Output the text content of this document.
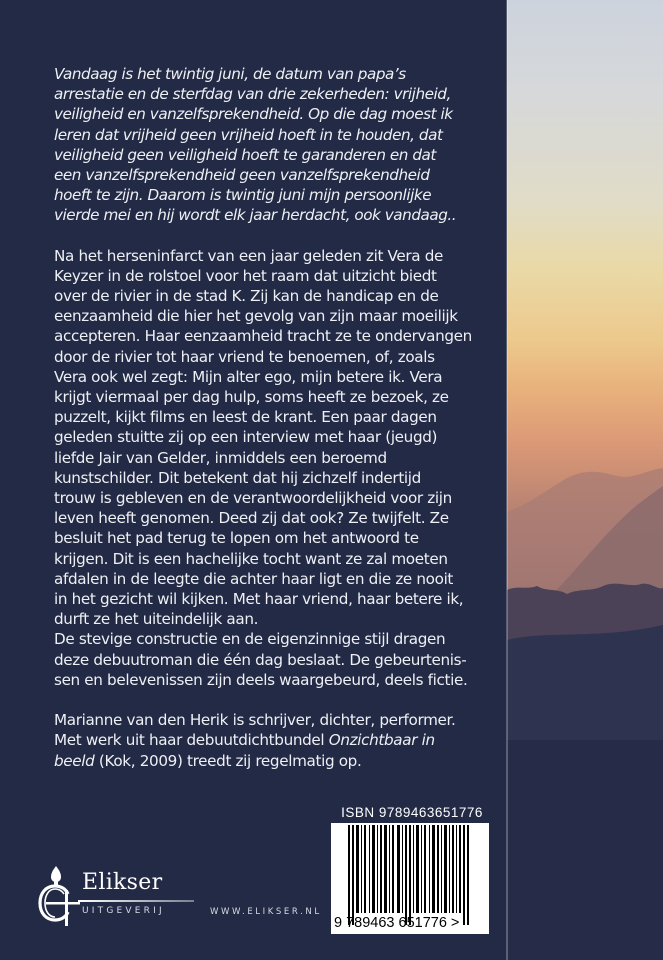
Vandaag is het twintig juni, de datum van papa’s

arrestatie en de sterfdag van drie zekerheden: vrijheid,

veiligheid en vanzelfsprekendheid. Op die dag moest ik

leren dat vrijheid geen vrijheid hoeft in te houden, dat

veiligheid geen veiligheid hoeft te garanderen en dat

een vanzelfsprekendheid geen vanzelfsprekendheid

hoeft te zijn. Daarom is twintig juni mijn persoonlijke

vierde mei en hij wordt elk jaar herdacht, ook vandaag..

Na het herseninfarct van een jaar geleden zit Vera de

Keyzer in de rolstoel voor het raam dat uitzicht biedt

over de rivier in de stad K. Zij kan de handicap en de

eenzaamheid die hier het gevolg van zijn maar moeilijk

accepteren. Haar eenzaamheid tracht ze te ondervangen

door de rivier tot haar vriend te benoemen, of, zoals

Vera ook wel zegt: Mijn alter ego, mijn betere ik. Vera

krijgt viermaal per dag hulp, soms heeft ze bezoek, ze

puzzelt, kijkt films en leest de krant. Een paar dagen

geleden stuitte zij op een interview met haar (jeugd)

liefde Jair van Gelder, inmiddels een beroemd

kunstschilder. Dit betekent dat hij zichzelf indertijd

trouw is gebleven en de verantwoordelijkheid voor zijn

leven heeft genomen. Deed zij dat ook? Ze twijfelt. Ze

besluit het pad terug te lopen om het antwoord te

krijgen. Dit is een hachelijke tocht want ze zal moeten

afdalen in de leegte die achter haar ligt en die ze nooit

in het gezicht wil kijken. Met haar vriend, haar betere ik,

durft ze het uiteindelijk aan.

De stevige constructie en de eigenzinnige stijl dragen

deze debuutroman die één dag beslaat. De gebeurtenis-

sen en belevenissen zijn deels waargebeurd, deels fictie.

Marianne van den Herik is schrijver, dichter, performer.

Met werk uit haar debuutdichtbundel Onzichtbaar in

beeld (Kok, 2009) treedt zij regelmatig op.

Elikser
UITGEVERIJ	WWW.ELIKSER.NL
ISBN 9789463651776
9 789463 651776 >
